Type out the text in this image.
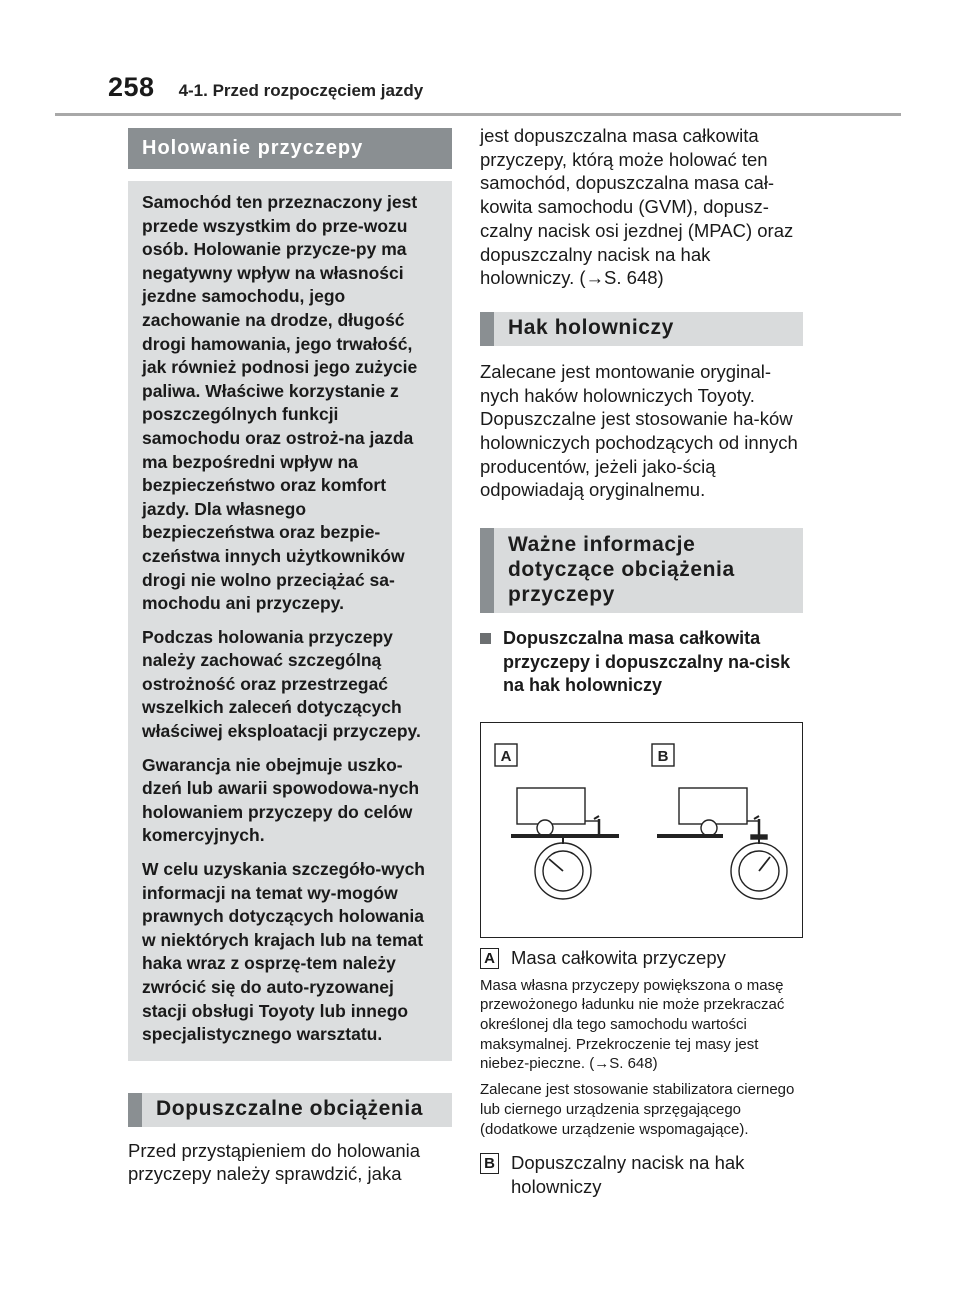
258 4-1. Przed rozpoczęciem jazdy
Holowanie przyczepy

Samochód ten przeznaczony jest przede wszystkim do prze-wozu osób. Holowanie przycze-py ma negatywny wpływ na własności jezdne samochodu, jego zachowanie na drodze, długość drogi hamowania, jego trwałość, jak również podnosi jego zużycie paliwa. Właściwe korzystanie z poszczególnych funkcji samochodu oraz ostroż-na jazda ma bezpośredni wpływ na bezpieczeństwo oraz komfort jazdy. Dla własnego bezpieczeństwa oraz bezpie-czeństwa innych użytkowników drogi nie wolno przeciążać sa-mochodu ani przyczepy.

Podczas holowania przyczepy należy zachować szczególną ostrożność oraz przestrzegać wszelkich zaleceń dotyczących właściwej eksploatacji przyczepy.

Gwarancja nie obejmuje uszko-dzeń lub awarii spowodowa-nych holowaniem przyczepy do celów komercyjnych.

W celu uzyskania szczegóło-wych informacji na temat wy-mogów prawnych dotyczących holowania w niektórych krajach lub na temat haka wraz z osprzę-tem należy zwrócić się do auto-ryzowanej stacji obsługi Toyoty lub innego specjalistycznego warsztatu.

Dopuszczalne obciążenia

Przed przystąpieniem do holowania przyczepy należy sprawdzić, jaka

jest dopuszczalna masa całkowita przyczepy, którą może holować ten samochód, dopuszczalna masa cał-kowita samochodu (GVM), dopusz-czalny nacisk osi jezdnej (MPAC) oraz dopuszczalny nacisk na hak holowniczy. (→S. 648)

Hak holowniczy

Zalecane jest montowanie oryginal-nych haków holowniczych Toyoty. Dopuszczalne jest stosowanie ha-ków holowniczych pochodzących od innych producentów, jeżeli jako-ścią odpowiadają oryginalnemu.

Ważne informacje dotyczące obciążenia przyczepy
Dopuszczalna masa całkowita przyczepy i dopuszczalny na-cisk na hak holowniczy
A	B
A Masa całkowita przyczepy

Masa własna przyczepy powiększona o masę przewożonego ładunku nie może przekraczać określonej dla tego samochodu wartości maksymalnej. Przekroczenie tej masy jest niebez-pieczne. (→S. 648)

Zalecane jest stosowanie stabilizatora ciernego lub ciernego urządzenia sprzęgającego (dodatkowe urządzenie wspomagające).

B Dopuszczalny nacisk na hak holowniczy
